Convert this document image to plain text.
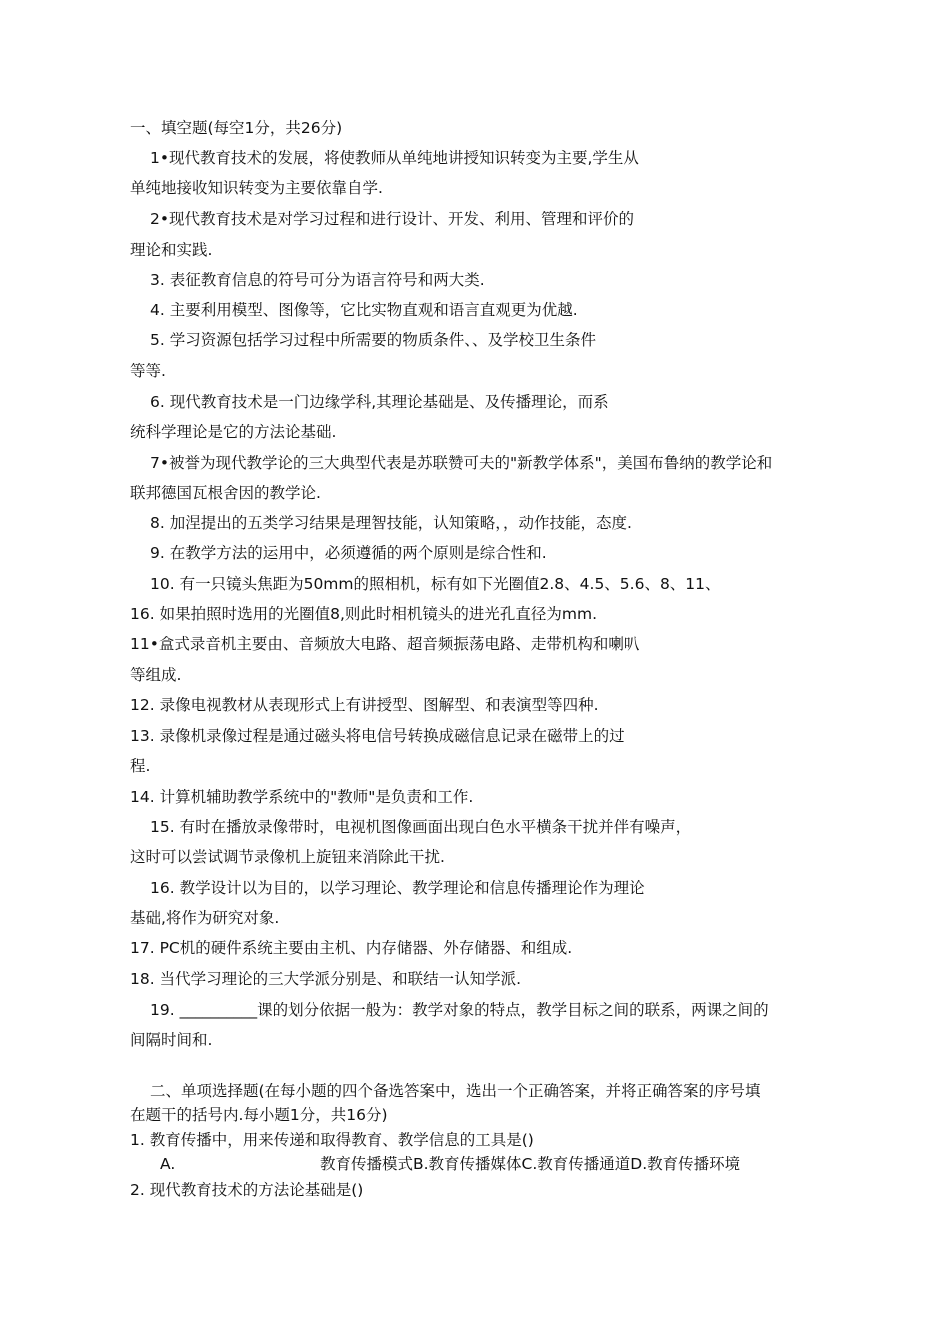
一、填空题(每空1分，共26分)
1•现代教育技术的发展，将使教师从单纯地讲授知识转变为主要,学生从
单纯地接收知识转变为主要依靠自学.
2•现代教育技术是对学习过程和进行设计、开发、利用、管理和评价的
理论和实践.
3. 表征教育信息的符号可分为语言符号和两大类.
4. 主要利用模型、图像等，它比实物直观和语言直观更为优越.
5. 学习资源包括学习过程中所需要的物质条件、、及学校卫生条件
等等.
6. 现代教育技术是一门边缘学科,其理论基础是、及传播理论，而系
统科学理论是它的方法论基础.
7•被誉为现代教学论的三大典型代表是苏联赞可夫的"新教学体系"，美国布鲁纳的教学论和
联邦德国瓦根舍因的教学论.
8. 加涅提出的五类学习结果是理智技能，认知策略，，动作技能，态度.
9. 在教学方法的运用中，必须遵循的两个原则是综合性和.
10. 有一只镜头焦距为50mm的照相机，标有如下光圈值2.8、4.5、5.6、8、11、
16. 如果拍照时选用的光圈值8,则此时相机镜头的进光孔直径为mm.
11•盒式录音机主要由、音频放大电路、超音频振荡电路、走带机构和喇叭
等组成.
12. 录像电视教材从表现形式上有讲授型、图解型、和表演型等四种.
13. 录像机录像过程是通过磁头将电信号转换成磁信息记录在磁带上的过
程.
14. 计算机辅助教学系统中的"教师"是负责和工作.
15. 有时在播放录像带时，电视机图像画面出现白色水平横条干扰并伴有噪声，
这时可以尝试调节录像机上旋钮来消除此干扰.
16. 教学设计以为目的，以学习理论、教学理论和信息传播理论作为理论
基础,将作为研究对象.
17. PC机的硬件系统主要由主机、内存储器、外存储器、和组成.
18. 当代学习理论的三大学派分别是、和联结一认知学派.
19. __________课的划分依据一般为：教学对象的特点，教学目标之间的联系，两课之间的
间隔时间和.
二、单项选择题(在每小题的四个备选答案中，选出一个正确答案，并将正确答案的序号填
在题干的括号内.每小题1分，共16分)
1. 教育传播中，用来传递和取得教育、教学信息的工具是()
A.	教育传播模式B.教育传播媒体C.教育传播通道D.教育传播环境
2. 现代教育技术的方法论基础是()
